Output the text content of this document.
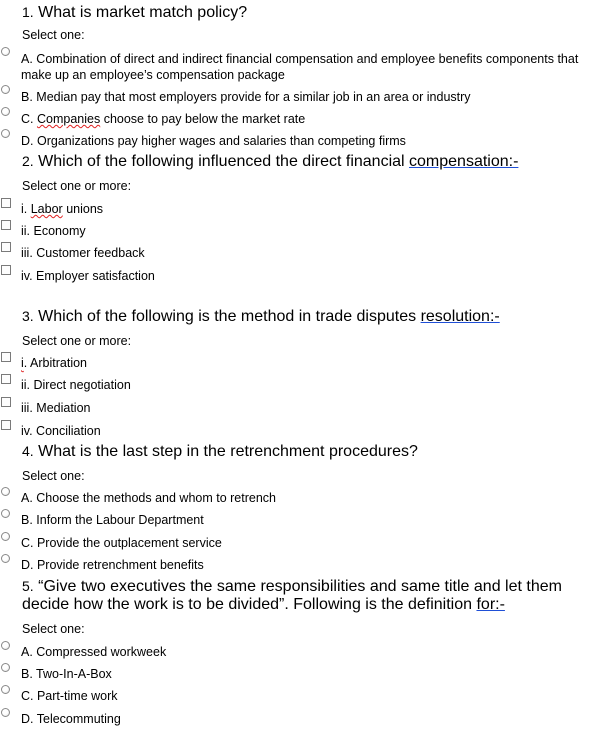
1. What is market match policy?
Select one:
A. Combination of direct and indirect financial compensation and employee benefits components that make up an employee’s compensation package
B. Median pay that most employers provide for a similar job in an area or industry
C. Companies choose to pay below the market rate
D. Organizations pay higher wages and salaries than competing firms
2. Which of the following influenced the direct financial compensation:-
Select one or more:
i. Labor unions
ii. Economy
iii. Customer feedback
iv. Employer satisfaction
3. Which of the following is the method in trade disputes resolution:-
Select one or more:
i. Arbitration
ii. Direct negotiation
iii. Mediation
iv. Conciliation
4. What is the last step in the retrenchment procedures?
Select one:
A. Choose the methods and whom to retrench
B. Inform the Labour Department
C. Provide the outplacement service
D. Provide retrenchment benefits
5. “Give two executives the same responsibilities and same title and let them
decide how the work is to be divided”. Following is the definition for:-
Select one:
A. Compressed workweek
B. Two-In-A-Box
C. Part-time work
D. Telecommuting
